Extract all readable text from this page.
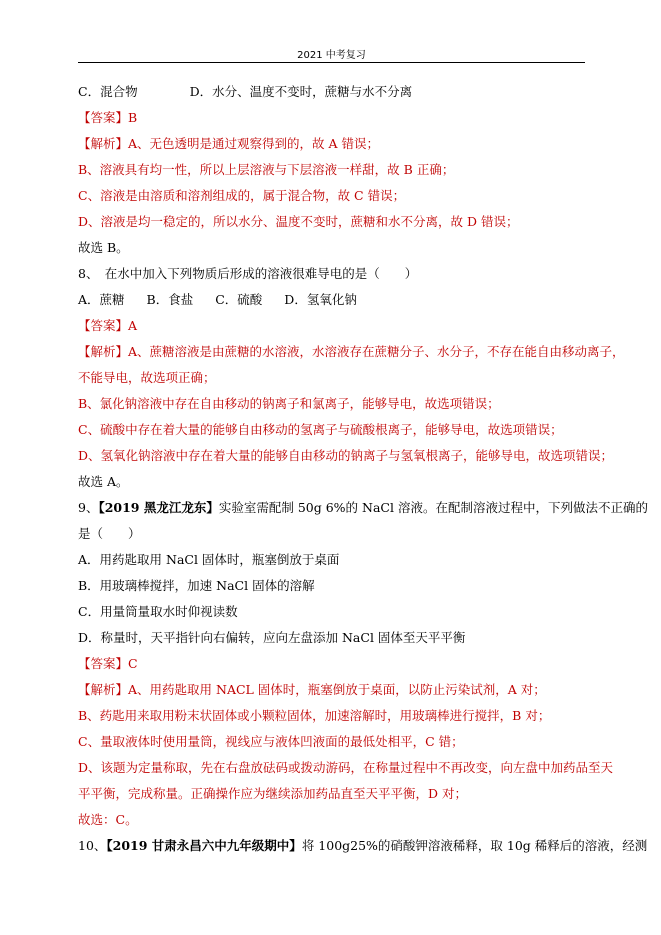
2021 中考复习
C．混合物	D．水分、温度不变时，蔗糖与水不分离
【答案】B
【解析】A、无色透明是通过观察得到的，故 A 错误；
B、溶液具有均一性，所以上层溶液与下层溶液一样甜，故 B 正确；
C、溶液是由溶质和溶剂组成的，属于混合物，故 C 错误；
D、溶液是均一稳定的，所以水分、温度不变时，蔗糖和水不分离，故 D 错误；
故选 B。
8、　在水中加入下列物质后形成的溶液很难导电的是（　　）
A．蔗糖 B．食盐 C．硫酸 D．氢氧化钠
【答案】A
【解析】A、蔗糖溶液是由蔗糖的水溶液，水溶液存在蔗糖分子、水分子，不存在能自由移动离子，
不能导电，故选项正确；
B、氯化钠溶液中存在自由移动的钠离子和氯离子，能够导电，故选项错误；
C、硫酸中存在着大量的能够自由移动的氢离子与硫酸根离子，能够导电，故选项错误；
D、氢氧化钠溶液中存在着大量的能够自由移动的钠离子与氢氧根离子，能够导电，故选项错误；
故选 A。
9、【2019 黑龙江龙东】实验室需配制 50g 6%的 NaCl 溶液。在配制溶液过程中，下列做法不正确的
是（　　）
A．用药匙取用 NaCl 固体时，瓶塞倒放于桌面
B．用玻璃棒搅拌，加速 NaCl 固体的溶解
C．用量筒量取水时仰视读数
D．称量时，天平指针向右偏转，应向左盘添加 NaCl 固体至天平平衡
【答案】C
【解析】A、用药匙取用 NACL 固体时，瓶塞倒放于桌面，以防止污染试剂，A 对；
B、药匙用来取用粉末状固体或小颗粒固体，加速溶解时，用玻璃棒进行搅拌，B 对；
C、量取液体时使用量筒，视线应与液体凹液面的最低处相平，C 错；
D、该题为定量称取，先在右盘放砝码或拨动游码，在称量过程中不再改变，向左盘中加药品至天
平平衡，完成称量。正确操作应为继续添加药品直至天平平衡，D 对；
故选：C。
10、【2019 甘肃永昌六中九年级期中】将 100g25%的硝酸钾溶液稀释，取 10g 稀释后的溶液，经测
